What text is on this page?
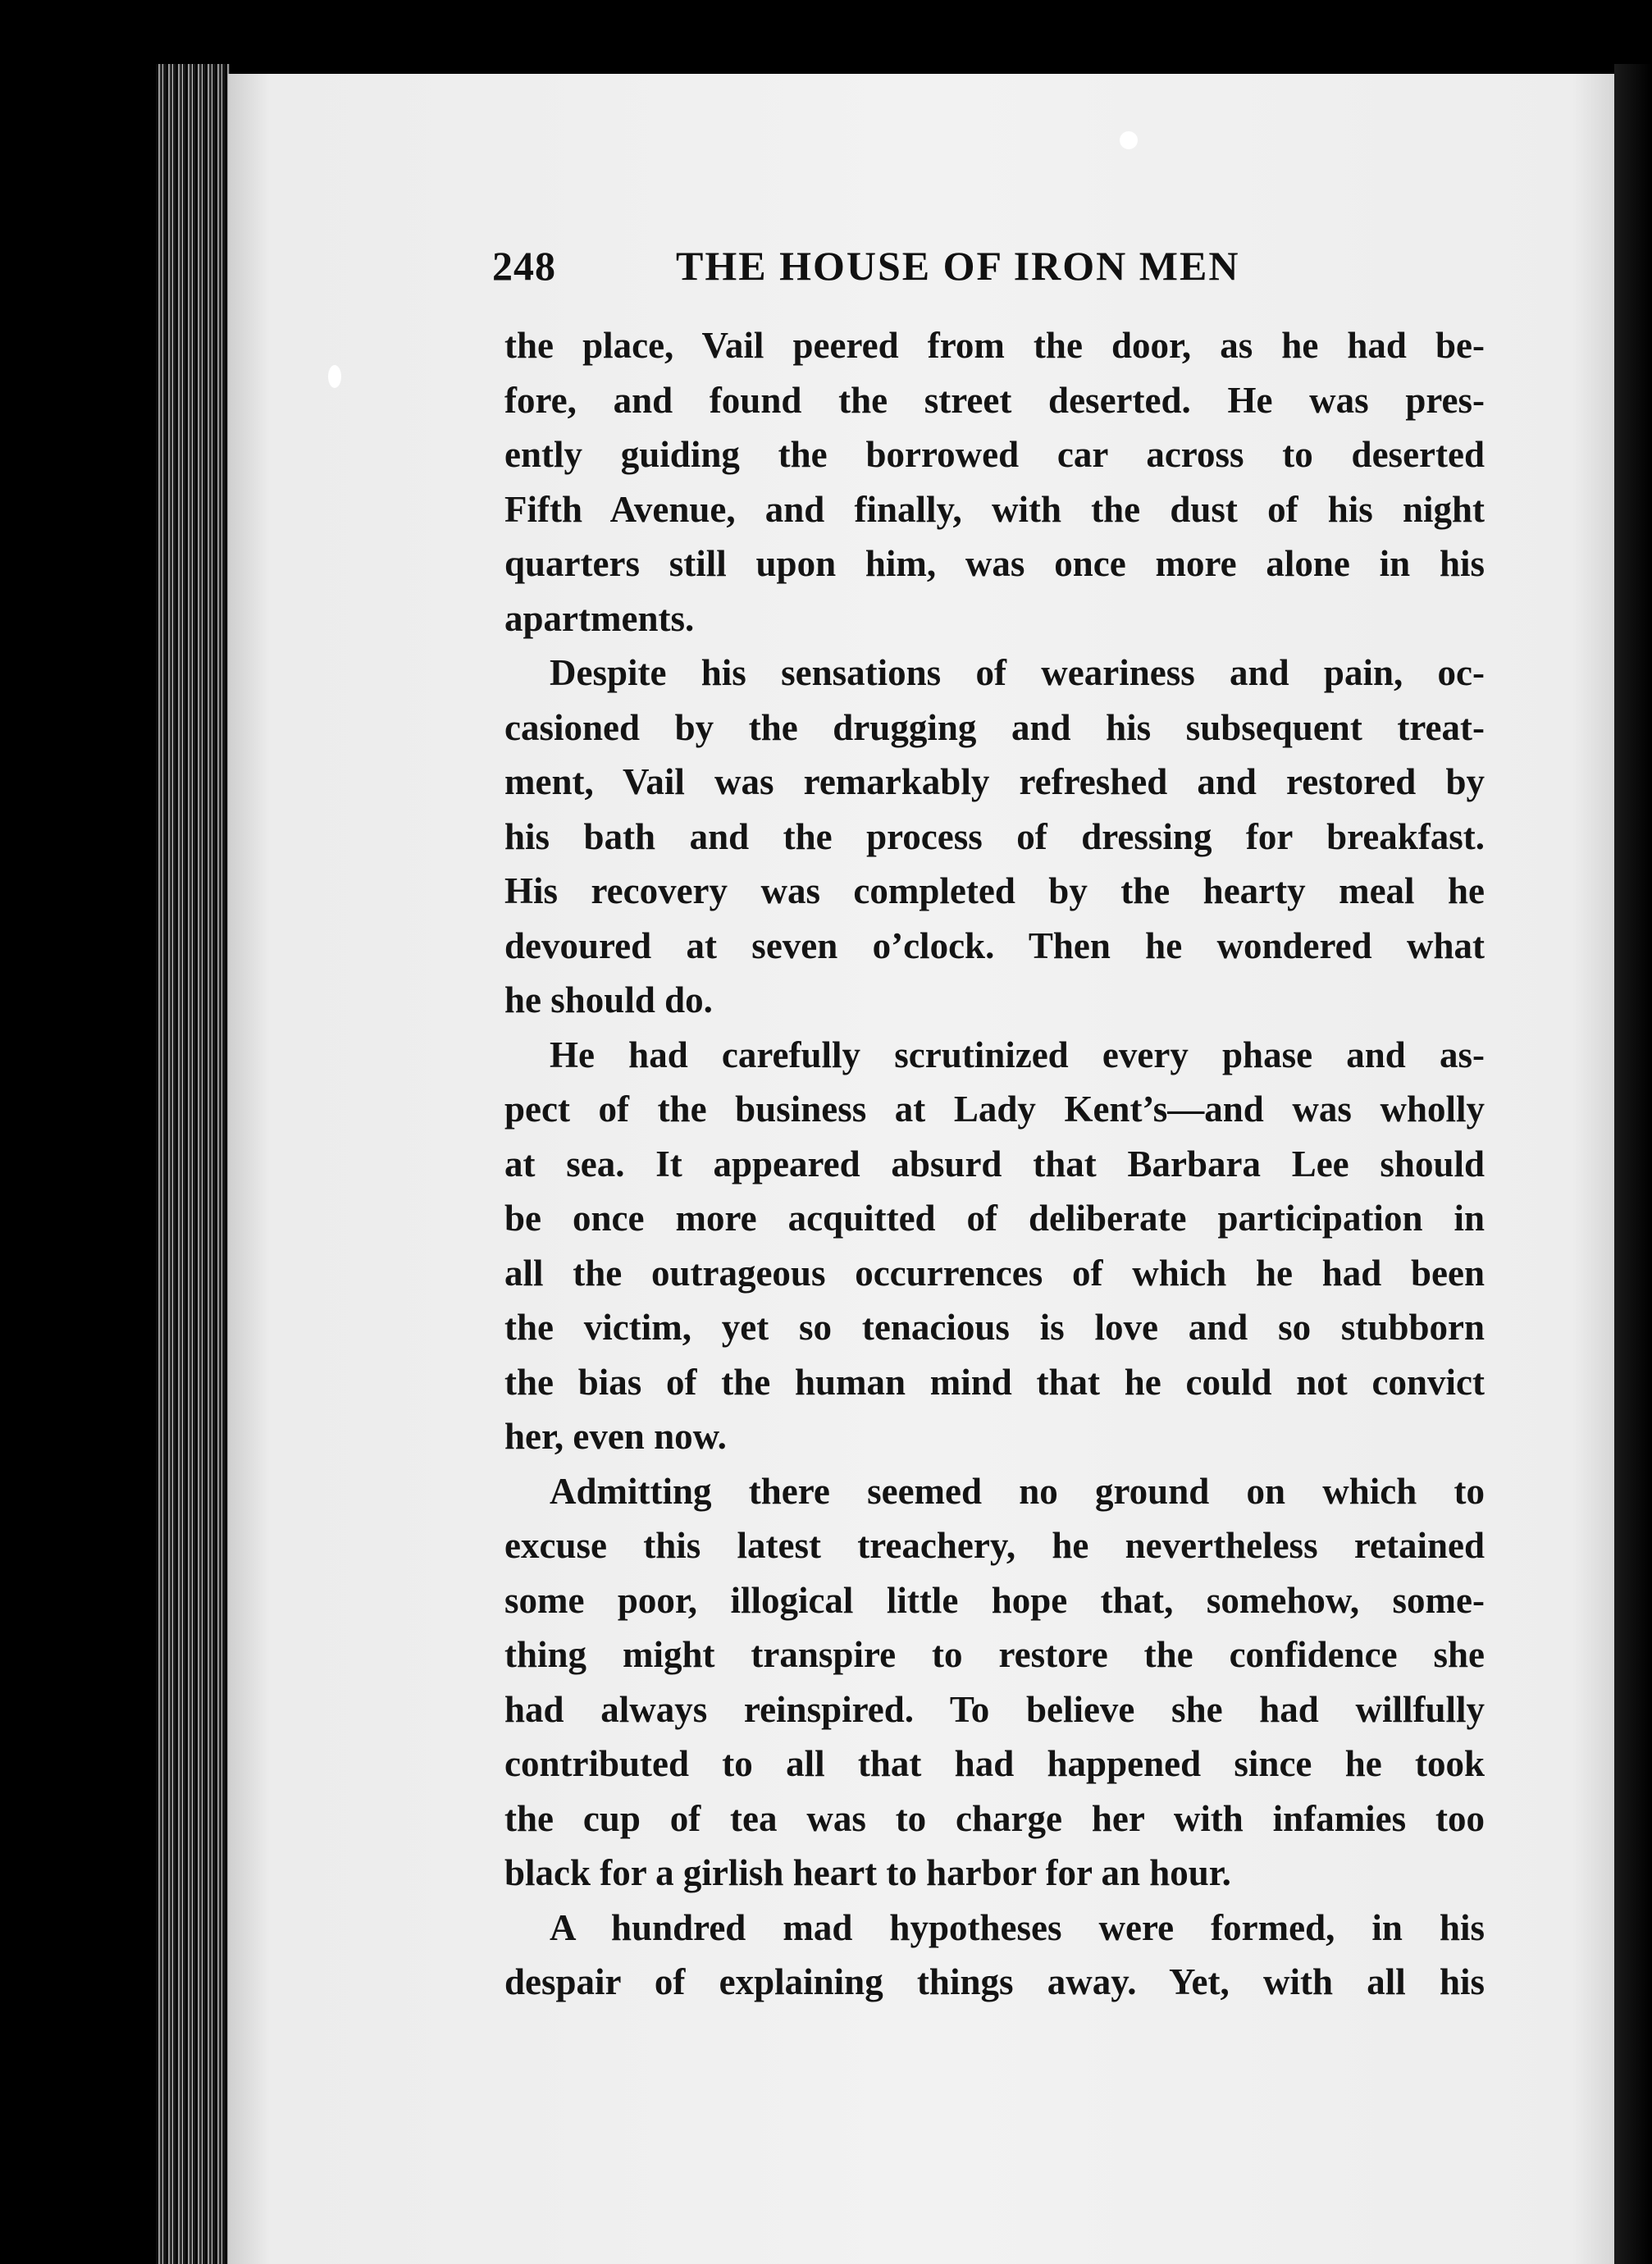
248	THE HOUSE OF IRON MEN
the place, Vail peered from the door, as he had be-
fore, and found the street deserted. He was pres-
ently guiding the borrowed car across to deserted
Fifth Avenue, and finally, with the dust of his night
quarters still upon him, was once more alone in his
apartments.
Despite his sensations of weariness and pain, oc-
casioned by the drugging and his subsequent treat-
ment, Vail was remarkably refreshed and restored by
his bath and the process of dressing for breakfast.
His recovery was completed by the hearty meal he
devoured at seven o’clock. Then he wondered what
he should do.
He had carefully scrutinized every phase and as-
pect of the business at Lady Kent’s—and was wholly
at sea. It appeared absurd that Barbara Lee should
be once more acquitted of deliberate participation in
all the outrageous occurrences of which he had been
the victim, yet so tenacious is love and so stubborn
the bias of the human mind that he could not convict
her, even now.
Admitting there seemed no ground on which to
excuse this latest treachery, he nevertheless retained
some poor, illogical little hope that, somehow, some-
thing might transpire to restore the confidence she
had always reinspired. To believe she had willfully
contributed to all that had happened since he took
the cup of tea was to charge her with infamies too
black for a girlish heart to harbor for an hour.
A hundred mad hypotheses were formed, in his
despair of explaining things away. Yet, with all his
